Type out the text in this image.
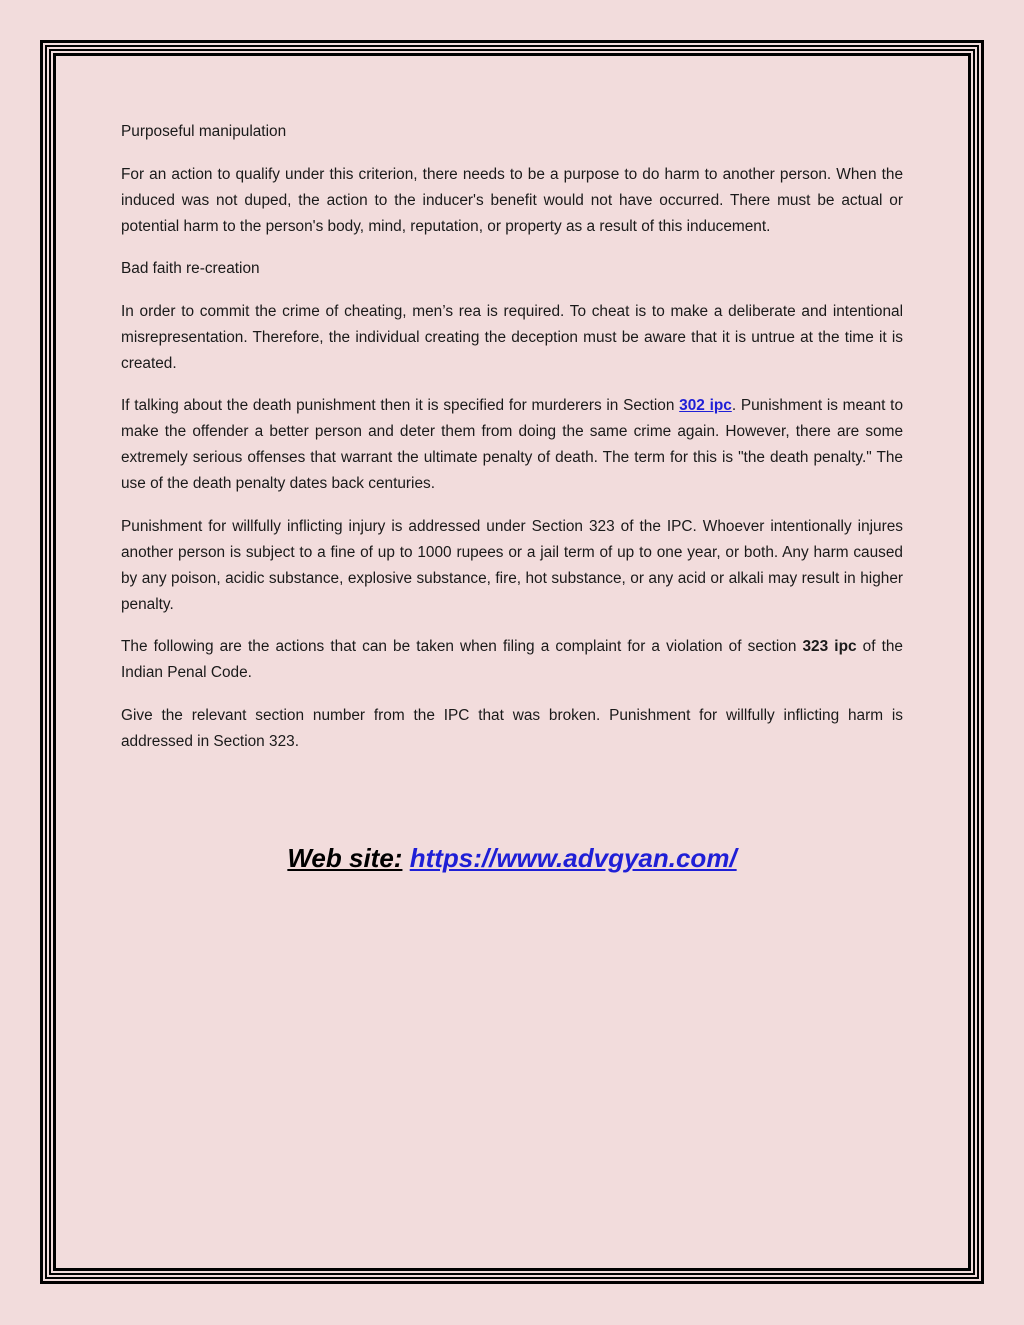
Purposeful manipulation

For an action to qualify under this criterion, there needs to be a purpose to do harm to another person. When the induced was not duped, the action to the inducer's benefit would not have occurred. There must be actual or potential harm to the person's body, mind, reputation, or property as a result of this inducement.

Bad faith re-creation

In order to commit the crime of cheating, men’s rea is required. To cheat is to make a deliberate and intentional misrepresentation. Therefore, the individual creating the deception must be aware that it is untrue at the time it is created.

If talking about the death punishment then it is specified for murderers in Section 302 ipc. Punishment is meant to make the offender a better person and deter them from doing the same crime again. However, there are some extremely serious offenses that warrant the ultimate penalty of death. The term for this is "the death penalty." The use of the death penalty dates back centuries.

Punishment for willfully inflicting injury is addressed under Section 323 of the IPC. Whoever intentionally injures another person is subject to a fine of up to 1000 rupees or a jail term of up to one year, or both. Any harm caused by any poison, acidic substance, explosive substance, fire, hot substance, or any acid or alkali may result in higher penalty.

The following are the actions that can be taken when filing a complaint for a violation of section 323 ipc of the Indian Penal Code.

Give the relevant section number from the IPC that was broken. Punishment for willfully inflicting harm is addressed in Section 323.

Web site: https://www.advgyan.com/
